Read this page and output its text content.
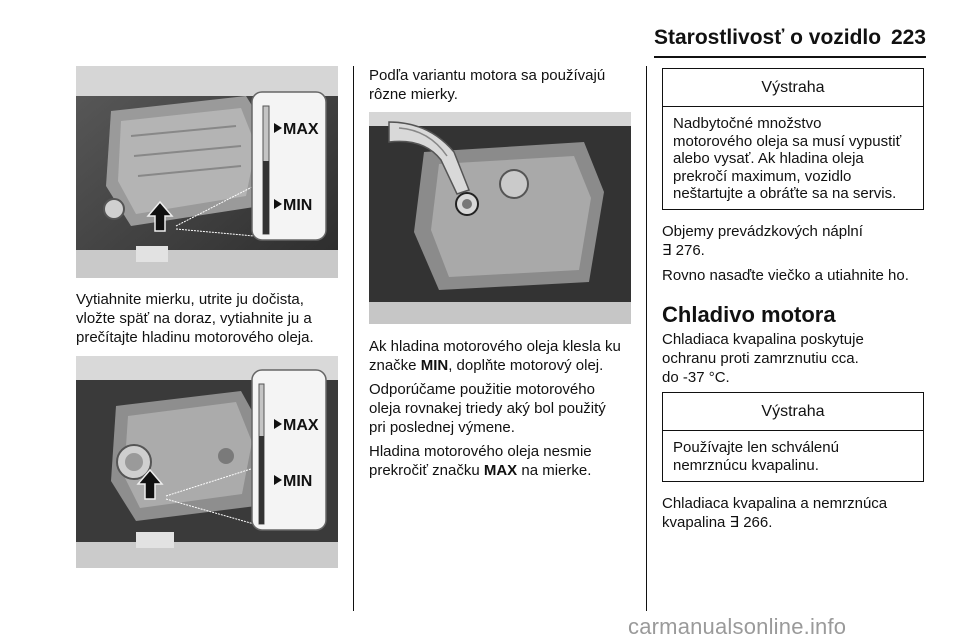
Starostlivosť o vozidlo 223
MAX
MIN

Vytiahnite mierku, utrite ju dočista,

vložte späť na doraz, vytiahnite ju a

prečítajte hladinu motorového oleja.

MAX
MIN

Podľa variantu motora sa používajú

rôzne mierky.

Ak hladina motorového oleja klesla ku

značke MIN, doplňte motorový olej.

Odporúčame použitie motorového

oleja rovnakej triedy aký bol použitý

pri poslednej výmene.

Hladina motorového oleja nesmie

prekročiť značku MAX na mierke.

Výstraha
Nadbytočné množstvo
motorového oleja sa musí vypustiť
alebo vysať. Ak hladina oleja
prekročí maximum, vozidlo
neštartujte a obráťte sa na servis.

Objemy prevádzkových náplní

∃ 276.

Rovno nasaďte viečko a utiahnite ho.

Chladivo motora

Chladiaca kvapalina poskytuje

ochranu proti zamrznutiu cca.

do -37 °C.

Výstraha
Používajte len schválenú
nemrznúcu kvapalinu.

Chladiaca kvapalina a nemrznúca

kvapalina ∃ 266.

carmanualsonline.info
